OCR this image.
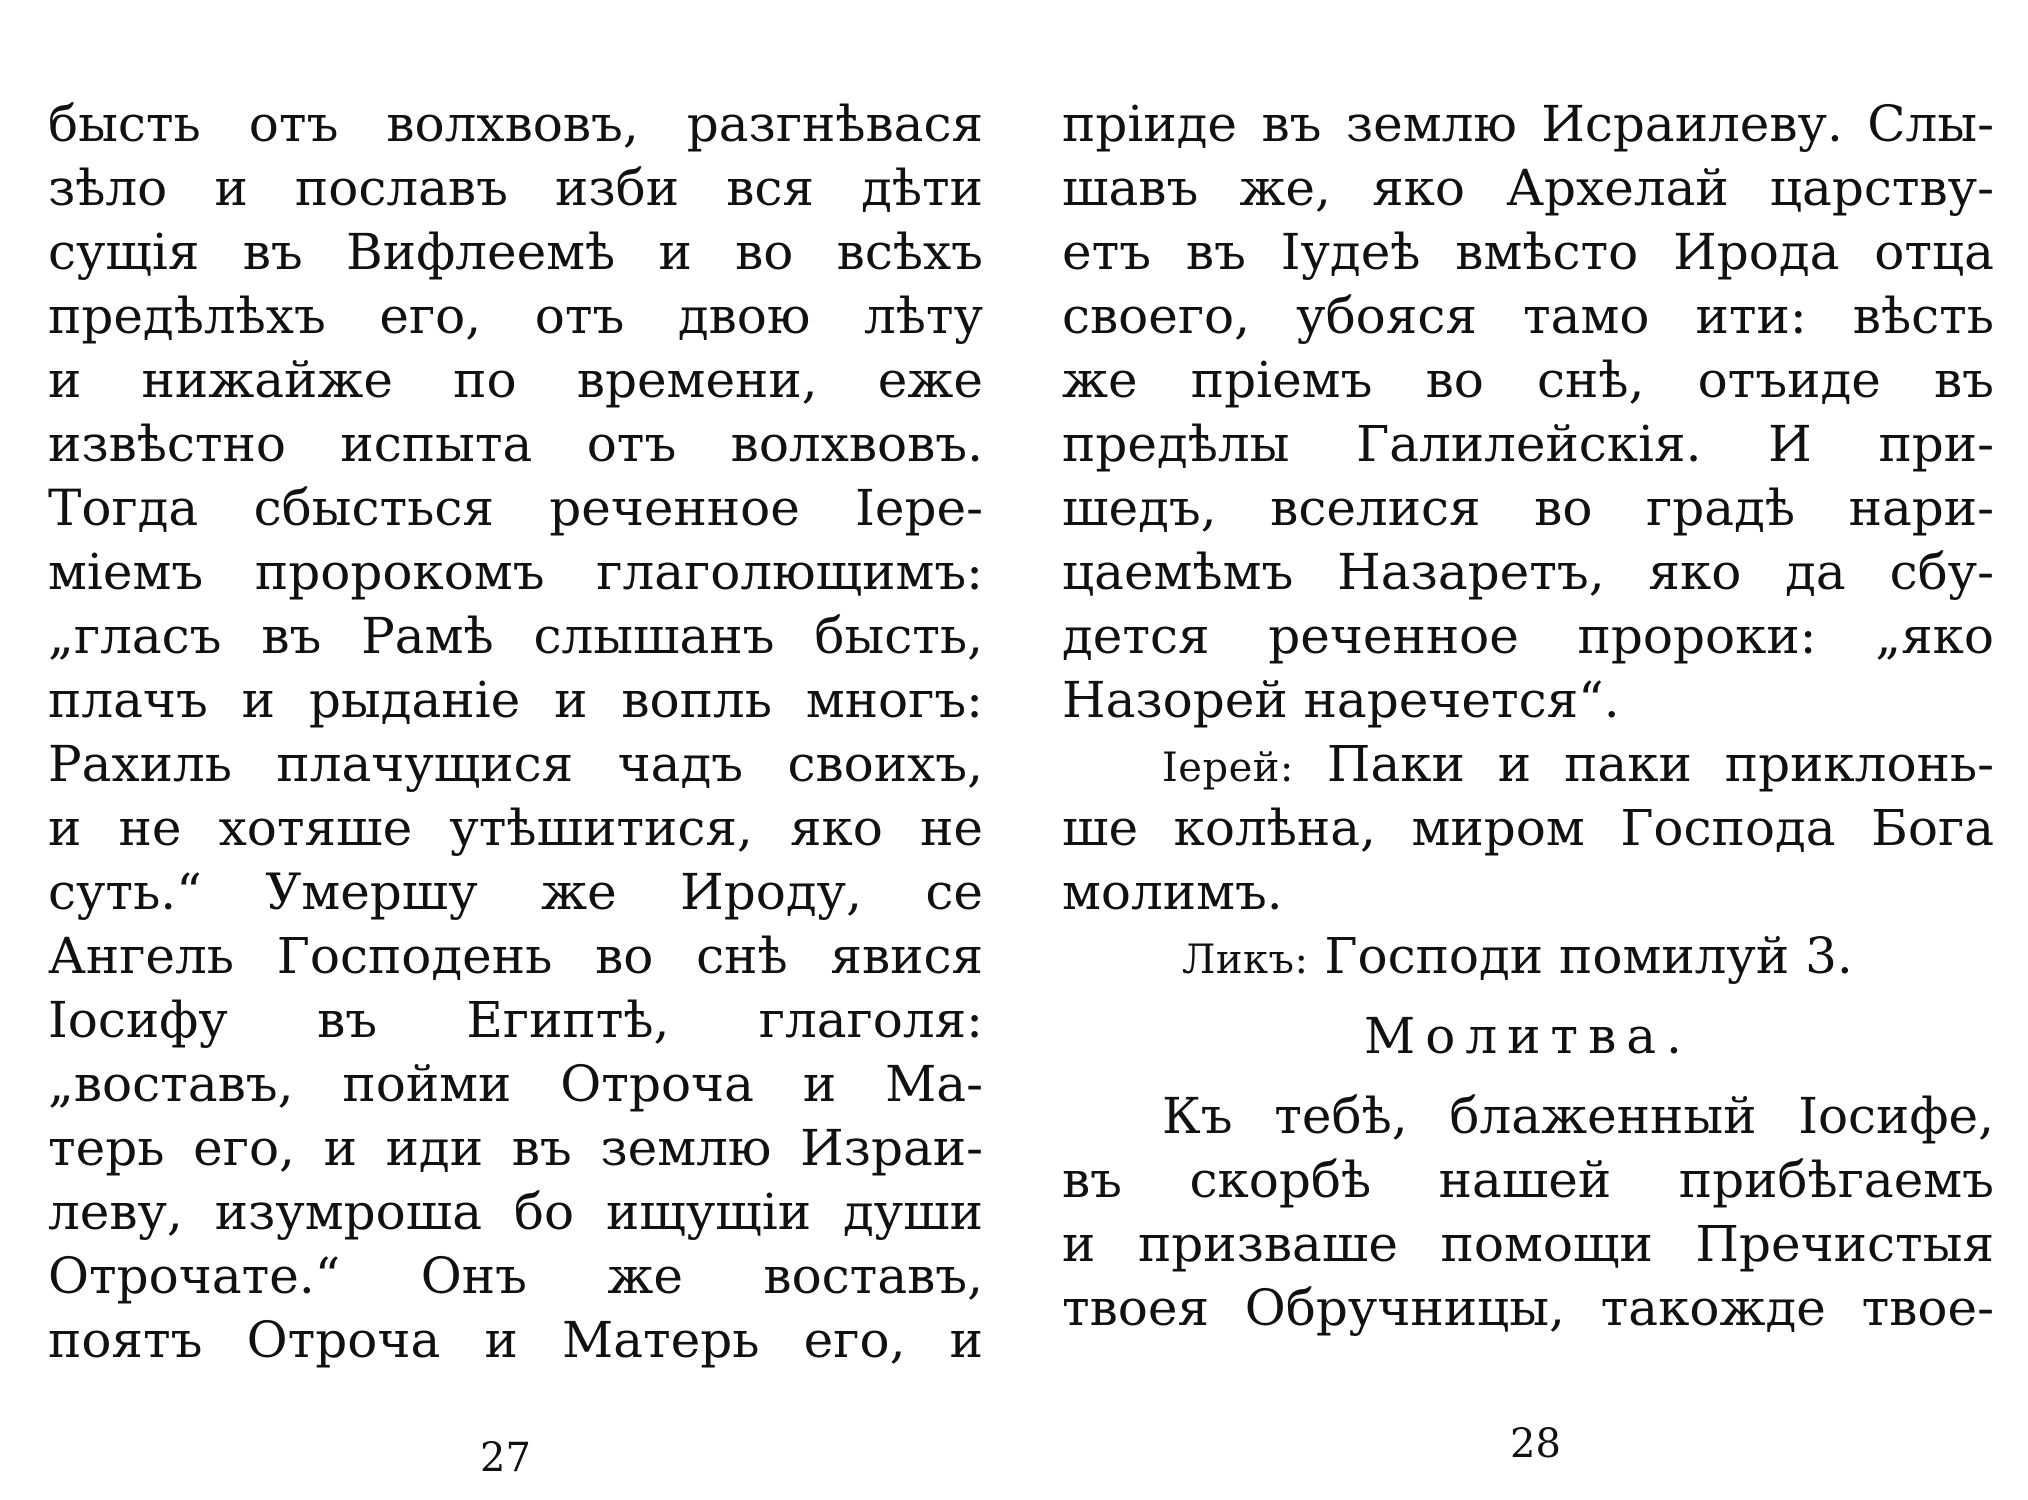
бысть отъ волхвовъ, разгнѣвася
зѣло и пославъ изби вся дѣти
сущія въ Вифлеемѣ и во всѣхъ
предѣлѣхъ его, отъ двою лѣту
и нижайже по времени, еже
извѣстно испыта отъ волхвовъ.
Тогда сбысться реченное Іере-
міемъ пророкомъ глаголющимъ:
„гласъ въ Рамѣ слышанъ бысть,
плачъ и рыданіе и вопль многъ:
Рахиль плачущися чадъ своихъ,
и не хотяше утѣшитися, яко не
суть.“ Умершу же Ироду, се
Ангель Господень во снѣ явися
Іосифу въ Египтѣ, глаголя:
„воставъ, пойми Отроча и Ма-
терь его, и иди въ землю Израи-
леву, изумроша бо ищущіи души
Отрочате.“ Онъ же воставъ,
поятъ Отроча и Матерь его, и
пріиде въ землю Исраилеву. Слы-
шавъ же, яко Архелай царству-
етъ въ Іудеѣ вмѣсто Ирода отца
своего, убояся тамо ити: вѣсть
же пріемъ во снѣ, отъиде въ
предѣлы Галилейскія. И при-
шедъ, вселися во градѣ нари-
цаемѣмъ Назаретъ, яко да сбу-
дется реченное пророки: „яко
Назорей наречется“.
Іерей: Паки и паки приклонь-
ше колѣна, миром Господа Бога
молимъ.
Ликъ: Господи помилуй 3.
Молитва.
Къ тебѣ, блаженный Іосифе,
въ скорбѣ нашей прибѣгаемъ
и призваше помощи Пречистыя
твоея Обручницы, такожде твое-
27	28
